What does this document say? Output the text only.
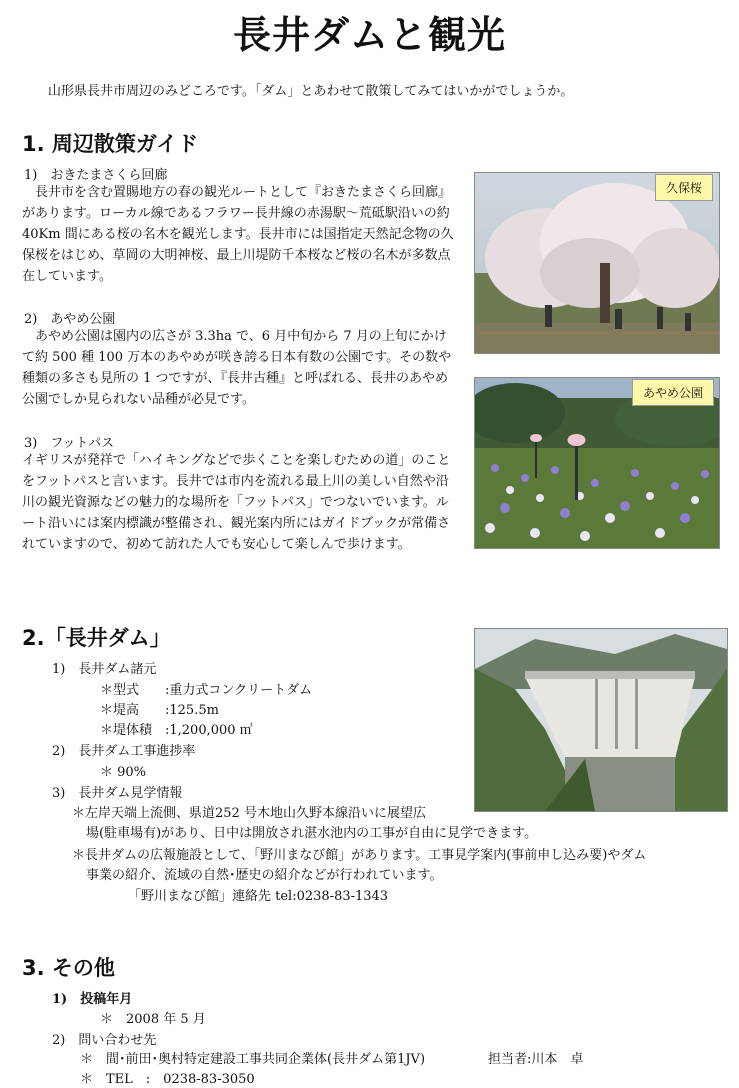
長井ダムと観光
山形県長井市周辺のみどころです。「ダム」とあわせて散策してみてはいかがでしょうか。
1. 周辺散策ガイド
1)　おきたまさくら回廊
長井市を含む置賜地方の春の観光ルートとして『おきたまさくら回廊』があります。ローカル線であるフラワー長井線の赤湯駅～荒砥駅沿いの約 40Km 間にある桜の名木を観光します。長井市には国指定天然記念物の久保桜をはじめ、草岡の大明神桜、最上川堤防千本桜など桜の名木が多数点在しています。
2)　あやめ公園
あやめ公園は園内の広さが 3.3ha で、6 月中旬から 7 月の上旬にかけて約 500 種 100 万本のあやめが咲き誇る日本有数の公園です。その数や種類の多さも見所の 1 つですが、『長井古種』と呼ばれる、長井のあやめ公園でしか見られない品種が必見です。
3)　フットパス
イギリスが発祥で「ハイキングなどで歩くことを楽しむための道」のことをフットパスと言います。長井では市内を流れる最上川の美しい自然や沿川の観光資源などの魅力的な場所を「フットパス」でつないでいます。ルート沿いには案内標識が整備され、観光案内所にはガイドブックが常備されていますので、初めて訪れた人でも安心して楽しんで歩けます。
久保桜
あやめ公園
2.「長井ダム」
1)　長井ダム諸元
＊型式　　:重力式コンクリートダム
＊堤高　　:125.5m
＊堤体積　:1,200,000 ㎥
2)　長井ダム工事進捗率
＊ 90%
3)　長井ダム見学情報
＊左岸天端上流側、県道252 号木地山久野本線沿いに展望広
場(駐車場有)があり、日中は開放され湛水池内の工事が自由に見学できます。
＊長井ダムの広報施設として、「野川まなび館」があります。工事見学案内(事前申し込み要)やダム
事業の紹介、流域の自然･歴史の紹介などが行われています。
「野川まなび館」連絡先 tel:0238-83-1343
3. その他
1)　投稿年月
＊　2008 年 5 月
2)　問い合わせ先
＊　間･前田･奥村特定建設工事共同企業体(長井ダム第1JV)	担当者:川本　卓
＊　TEL　:　0238-83-3050
